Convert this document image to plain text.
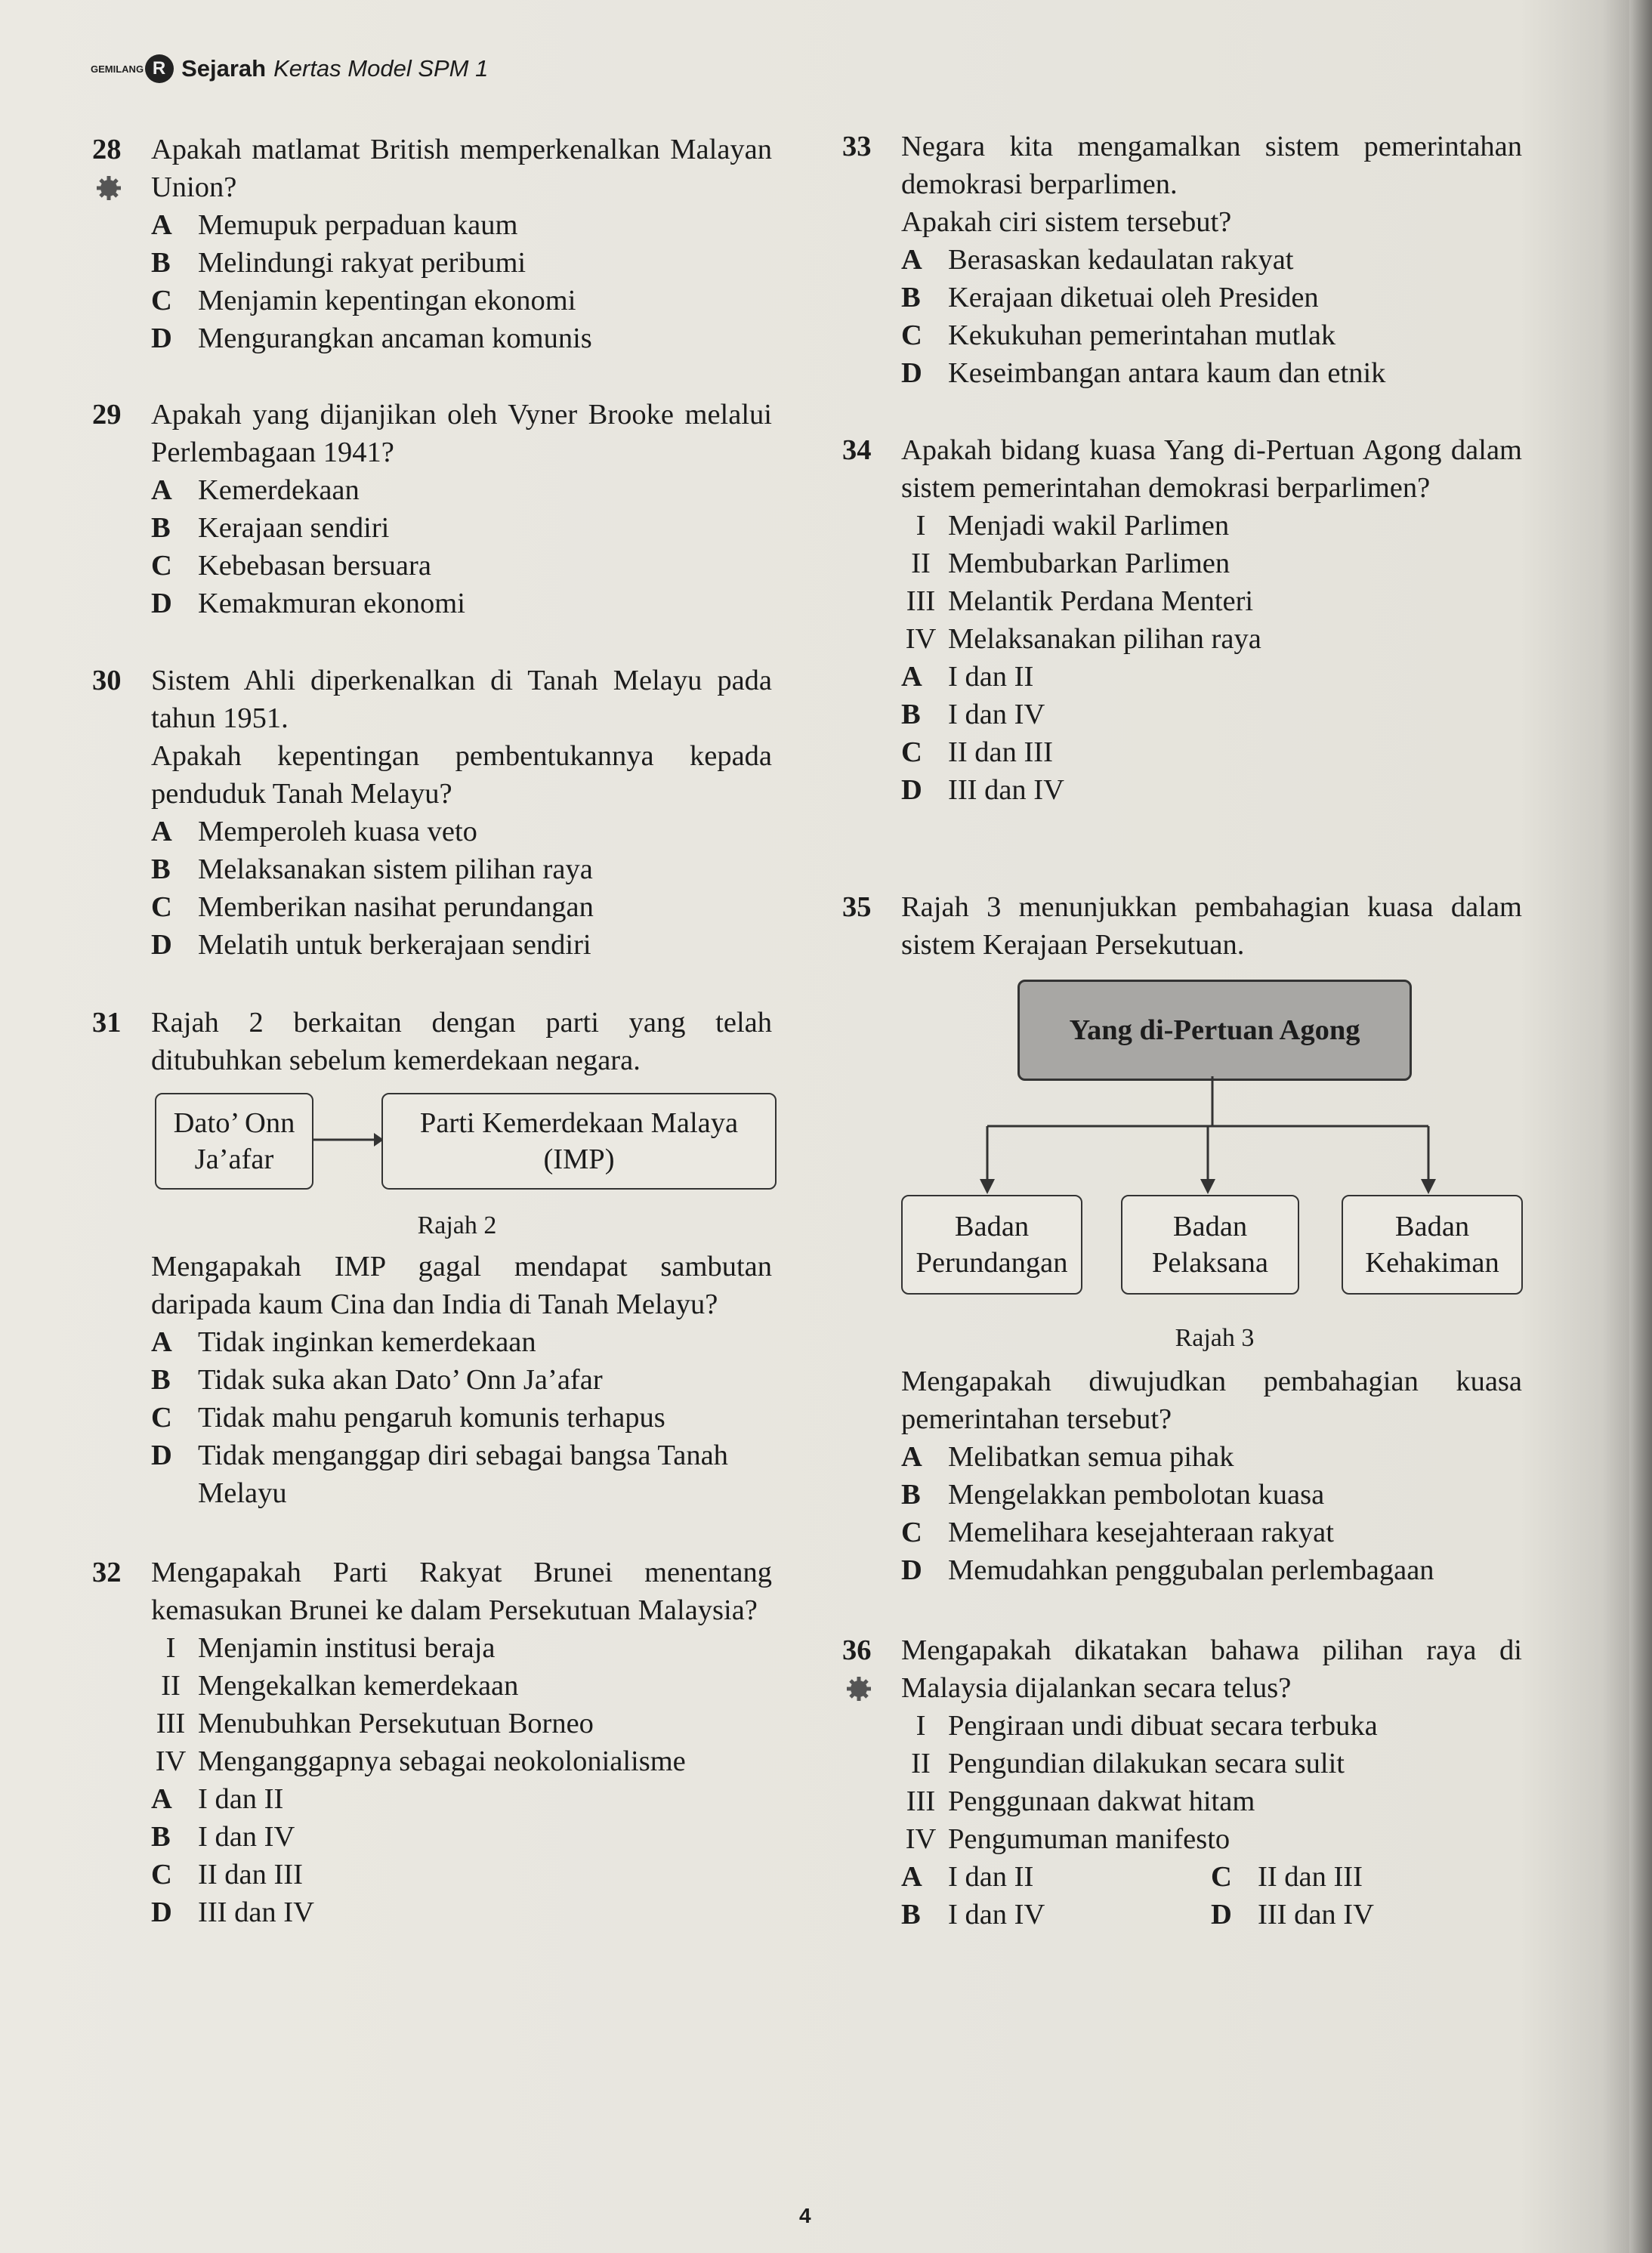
GEMILANG R Sejarah Kertas Model SPM 1
28 Apakah matlamat British memperkenalkan Malayan Union?
A Memupuk perpaduan kaum
B Melindungi rakyat peribumi
C Menjamin kepentingan ekonomi
D Mengurangkan ancaman komunis
29 Apakah yang dijanjikan oleh Vyner Brooke melalui Perlembagaan 1941?
A Kemerdekaan
B Kerajaan sendiri
C Kebebasan bersuara
D Kemakmuran ekonomi
30 Sistem Ahli diperkenalkan di Tanah Melayu pada tahun 1951.
Apakah kepentingan pembentukannya kepada penduduk Tanah Melayu?
A Memperoleh kuasa veto
B Melaksanakan sistem pilihan raya
C Memberikan nasihat perundangan
D Melatih untuk berkerajaan sendiri
31 Rajah 2 berkaitan dengan parti yang telah ditubuhkan sebelum kemerdekaan negara.
Dato’ Onn
Ja’afar
Parti Kemerdekaan Malaya
(IMP)
Rajah 2
Mengapakah IMP gagal mendapat sambutan daripada kaum Cina dan India di Tanah Melayu?
A Tidak inginkan kemerdekaan
B Tidak suka akan Dato’ Onn Ja’afar
C Tidak mahu pengaruh komunis terhapus
D Tidak menganggap diri sebagai bangsa Tanah Melayu
32 Mengapakah Parti Rakyat Brunei menentang kemasukan Brunei ke dalam Persekutuan Malaysia?
I Menjamin institusi beraja
II Mengekalkan kemerdekaan
III Menubuhkan Persekutuan Borneo
IV Menganggapnya sebagai neokolonialisme
A I dan II
B I dan IV
C II dan III
D III dan IV
33 Negara kita mengamalkan sistem pemerintahan demokrasi berparlimen.
Apakah ciri sistem tersebut?
A Berasaskan kedaulatan rakyat
B Kerajaan diketuai oleh Presiden
C Kekukuhan pemerintahan mutlak
D Keseimbangan antara kaum dan etnik
34 Apakah bidang kuasa Yang di-Pertuan Agong dalam sistem pemerintahan demokrasi berparlimen?
I Menjadi wakil Parlimen
II Membubarkan Parlimen
III Melantik Perdana Menteri
IV Melaksanakan pilihan raya
A I dan II
B I dan IV
C II dan III
D III dan IV
35 Rajah 3 menunjukkan pembahagian kuasa dalam sistem Kerajaan Persekutuan.
Yang di-Pertuan Agong
Badan
Perundangan
Badan
Pelaksana
Badan
Kehakiman
Rajah 3
Mengapakah diwujudkan pembahagian kuasa pemerintahan tersebut?
A Melibatkan semua pihak
B Mengelakkan pembolotan kuasa
C Memelihara kesejahteraan rakyat
D Memudahkan penggubalan perlembagaan
36 Mengapakah dikatakan bahawa pilihan raya di Malaysia dijalankan secara telus?
I Pengiraan undi dibuat secara terbuka
II Pengundian dilakukan secara sulit
III Penggunaan dakwat hitam
IV Pengumuman manifesto
A I dan II	C II dan III
B I dan IV	D III dan IV
4
